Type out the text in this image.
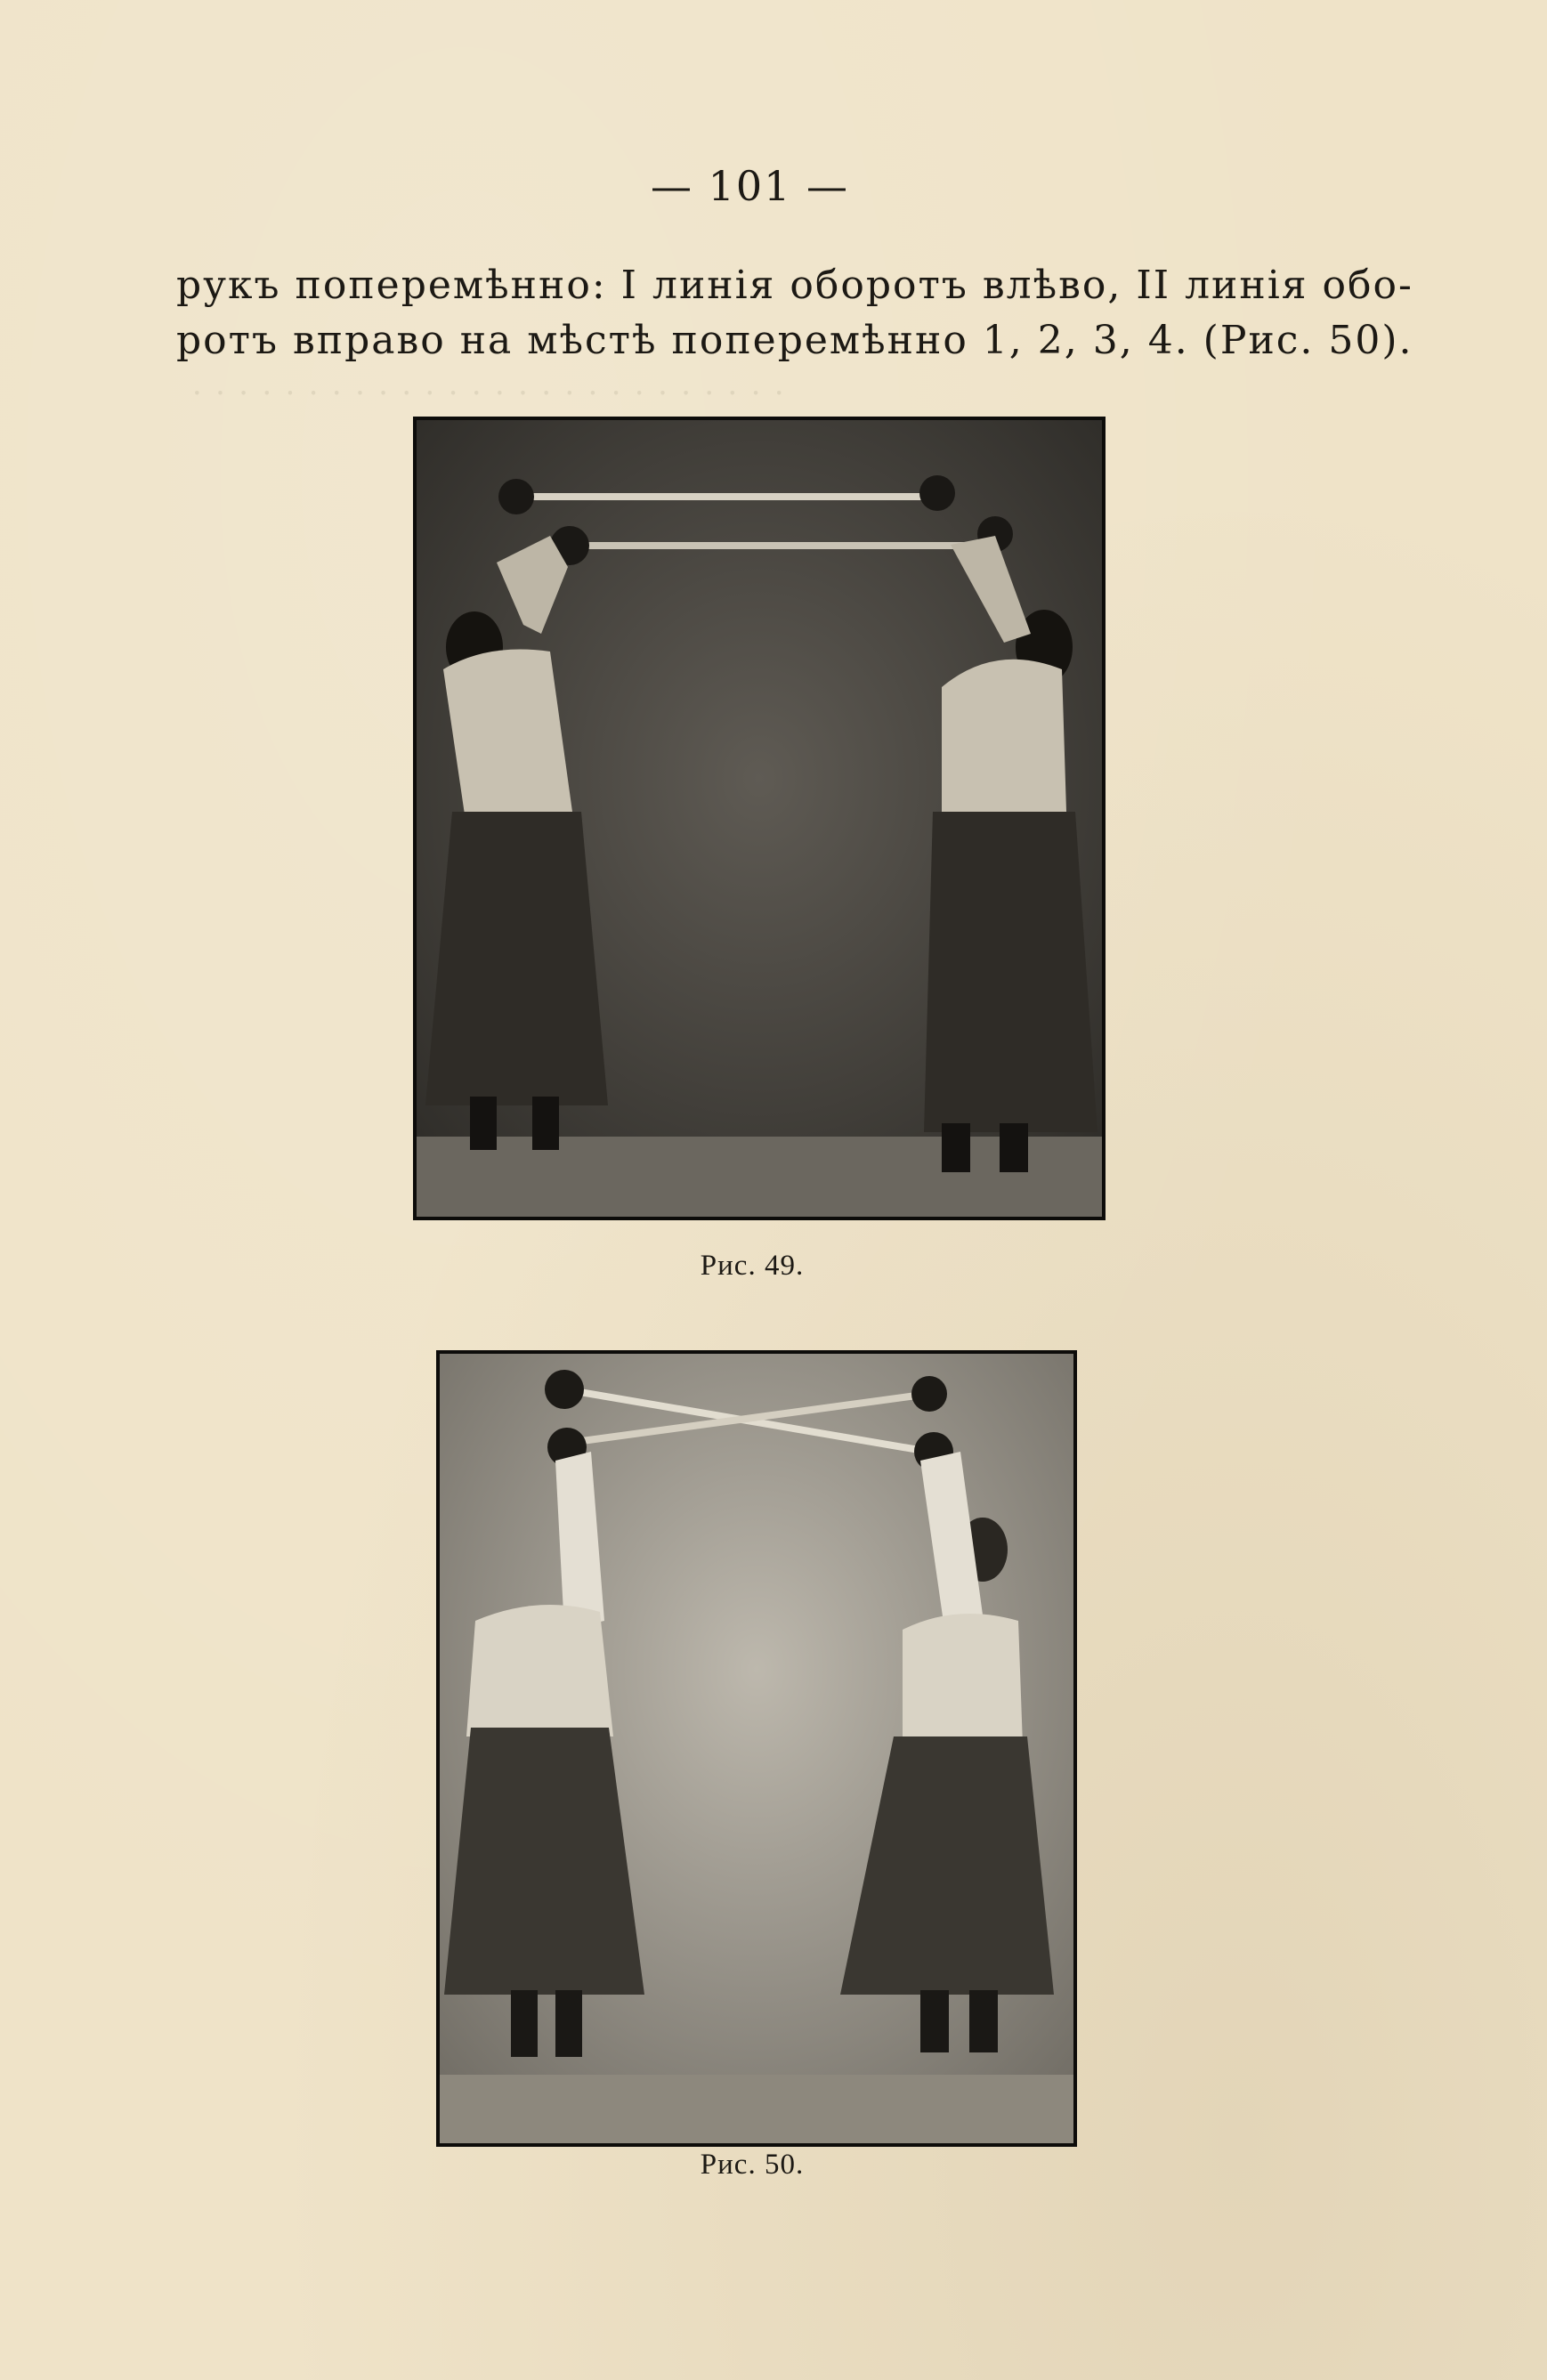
· · · · · · · · · · · · · · · · · · · · · · · · · ·
— 101 —
рукъ поперемѣнно: I линія оборотъ влѣво, II линія обо-
ротъ вправо на мѣстѣ поперемѣнно 1, 2, 3, 4. (Рис. 50).
Рис. 49.
Рис. 50.
